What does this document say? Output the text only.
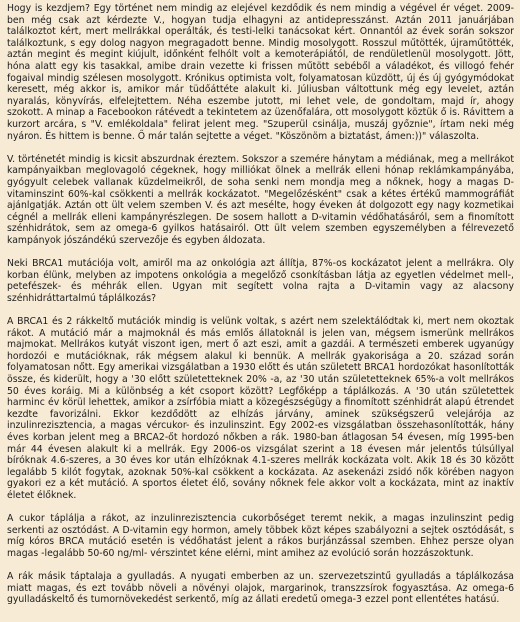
Hogy is kezdjem? Egy történet nem mindig az elejével kezdődik és nem mindig a végével ér véget. 2009-ben még csak azt kérdezte V., hogyan tudja elhagyni az antidepresszánst. Aztán 2011 januárjában találkoztot kért, mert mellrákkal operálták, és testi-lelki tanácsokat kért. Onnantól az évek során sokszor találkoztunk, s egy dolog nagyon megragadott benne. Mindig mosolygott. Rosszul műtötték, újraműtötték, aztán megint és megint kiújult, időnként felhólt volt a kemoterápiától, de rendületlenül mosolygott. Jött, hóna alatt egy kis tasakkal, amibe drain vezette ki frissen műtött sebéből a váladékot, és villogó fehér fogaival mindig szélesen mosolygott. Krónikus optimista volt, folyamatosan küzdött, új és új gyógymódokat keresett, még akkor is, amikor már tüdőáttéte alakult ki. Júliusban váltottunk még egy levelet, aztán nyaralás, könyvírás, elfelejtettem. Néha eszembe jutott, mi lehet vele, de gondoltam, majd ír, ahogy szokott. A minap a Facebookon rátévedt a tekintetem az üzenőfalára, ott mosolygott köztük ő is. Rávittem a kurzort arcára, s "V. emlékoldala" felirat jelent meg. "Szuperül csinálja, muszáj győznie", írtam neki még nyáron. És hittem is benne. Ő már talán sejtette a véget. "Köszönöm a biztatást, ámen:))" válaszolta.

V. történetét mindig is kicsit abszurdnak éreztem. Sokszor a szemére hánytam a médiának, meg a mellrákot kampányaikban meglovagoló cégeknek, hogy milliókat ölnek a mellrák elleni hónap reklámkampányába, gyógyult celebek vallanak küzdelmeikről, de soha senki nem mondja meg a nőknek, hogy a magas D-vitaminszint 60%-kal csökkenti a mellrák kockázatot. "Megelőzésként" csak a kétes értékű mammográfiát ajánlgatják. Aztán ott ült velem szemben V. és azt mesélte, hogy éveken át dolgozott egy nagy kozmetikai cégnél a mellrák elleni kampányrészlegen. De sosem hallott a D-vitamin védőhatásáról, sem a finomított szénhidrátok, sem az omega-6 gyilkos hatásairól. Ott ült velem szemben egyszemélyben a félrevezető kampányok jószándékú szervezője és egyben áldozata.

Neki BRCA1 mutációja volt, amiről ma az onkológia azt állítja, 87%-os kockázatot jelent a mellrákra. Oly korban élünk, melyben az impotens onkológia a megelőző csonkításban látja az egyetlen védelmet mell-, petefészek- és méhrák ellen. Ugyan mit segített volna rajta a D-vitamin vagy az alacsony szénhidráttartalmú táplálkozás?

A BRCA1 és 2 rákkeltő mutációk mindig is velünk voltak, s azért nem szelektálódtak ki, mert nem okoztak rákot. A mutáció már a majmoknál és más emlős állatoknál is jelen van, mégsem ismerünk mellrákos majmokat. Mellrákos kutyát viszont igen, mert ő azt eszi, amit a gazdái. A természeti emberek ugyanúgy hordozói e mutációknak, rák mégsem alakul ki bennük. A mellrák gyakorisága a 20. század során folyamatosan nőtt. Egy amerikai vizsgálatban a 1930 előtt és után született BRCA1 hordozókat hasonlították össze, és kiderült, hogy a '30 előtt születetteknek 20% -a, az '30 után születetteknek 65%-a volt mellrákos 50 éves koráig. Mi a különbség a két csoport között? Legfőképp a táplálkozás. A '30 után születettek harminc év körül lehettek, amikor a zsírfóbia miatt a közegészségügy a finomított szénhidrát alapú étrendet kezdte favorizálni. Ekkor kezdődött az elhízás járvány, aminek szükségszerű velejárója az inzulinrezisztencia, a magas vércukor- és inzulinszint. Egy 2002-es vizsgálatban összehasonlították, hány éves korban jelent meg a BRCA2-őt hordozó nőkben a rák. 1980-ban átlagosan 54 évesen, míg 1995-ben már 44 évesen alakult ki a mellrák. Egy 2006-os vizsgálat szerint a 18 évesen már jelentős túlsúllyal bíróknak 4.6-szeres, a 30 éves kor után elhízóknak 4.1-szeres mellrák kockázata volt. Akik 18 és 30 között legalább 5 kilót fogytak, azoknak 50%-kal csökkent a kockázata. Az asekenázi zsidó nők körében nagyon gyakori ez a két mutáció. A sportos életet élő, sovány nőknek fele akkor volt a kockázata, mint az inaktív életet élőknek.

A cukor táplálja a rákot, az inzulinrezisztencia cukorbőséget teremt nekik, a magas inzulinszint pedig serkenti az osztódást. A D-vitamin egy hormon, amely többek közt képes szabályozni a sejtek osztódását, s míg kóros BRCA mutáció esetén is védőhatást jelent a rákos burjánzással szemben. Ehhez persze olyan magas -legalább 50-60 ng/ml- vérszintet kéne elérni, mint amihez az evolúció során hozzászoktunk.

A rák másik táptalaja a gyulladás. A nyugati emberben az un. szervezetszintű gyulladás a táplálkozása miatt magas, és ezt tovább növeli a növényi olajok, margarinok, transzzsírok fogyasztása. Az omega-6 gyulladáskeltő és tumornövekedést serkentő, míg az állati eredetű omega-3 ezzel pont ellentétes hatású.
